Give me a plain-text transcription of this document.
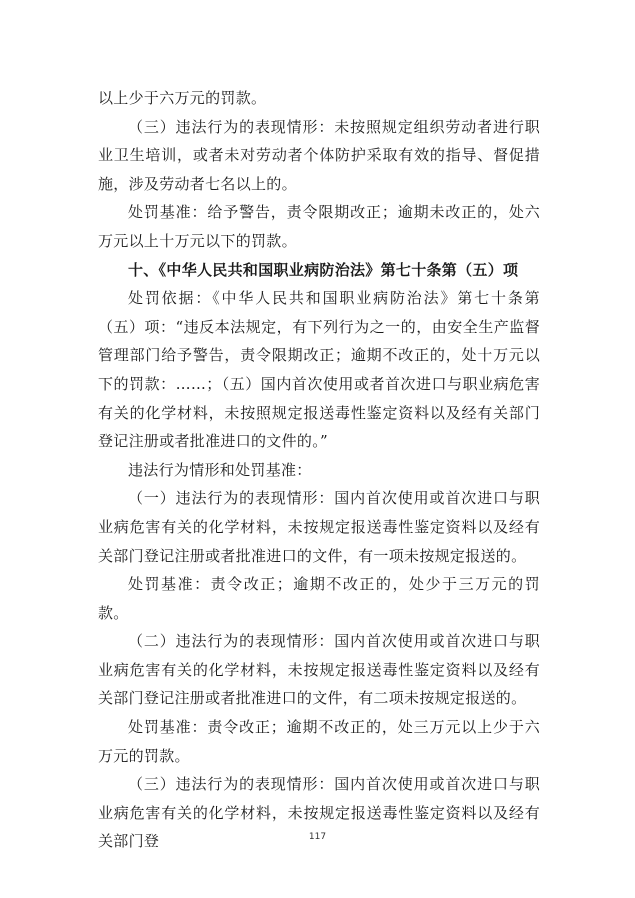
以上少于六万元的罚款。

（三）违法行为的表现情形：未按照规定组织劳动者进行职业卫生培训，或者未对劳动者个体防护采取有效的指导、督促措施，涉及劳动者七名以上的。

处罚基准：给予警告，责令限期改正；逾期未改正的，处六万元以上十万元以下的罚款。

十、《中华人民共和国职业病防治法》第七十条第（五）项

处罚依据：《中华人民共和国职业病防治法》第七十条第（五）项：“违反本法规定，有下列行为之一的，由安全生产监督管理部门给予警告，责令限期改正；逾期不改正的，处十万元以下的罚款：……；（五）国内首次使用或者首次进口与职业病危害有关的化学材料，未按照规定报送毒性鉴定资料以及经有关部门登记注册或者批准进口的文件的。”

违法行为情形和处罚基准：

（一）违法行为的表现情形：国内首次使用或首次进口与职业病危害有关的化学材料，未按规定报送毒性鉴定资料以及经有关部门登记注册或者批准进口的文件，有一项未按规定报送的。

处罚基准：责令改正；逾期不改正的，处少于三万元的罚款。

（二）违法行为的表现情形：国内首次使用或首次进口与职业病危害有关的化学材料，未按规定报送毒性鉴定资料以及经有关部门登记注册或者批准进口的文件，有二项未按规定报送的。

处罚基准：责令改正；逾期不改正的，处三万元以上少于六万元的罚款。

（三）违法行为的表现情形：国内首次使用或首次进口与职业病危害有关的化学材料，未按规定报送毒性鉴定资料以及经有关部门登	117
